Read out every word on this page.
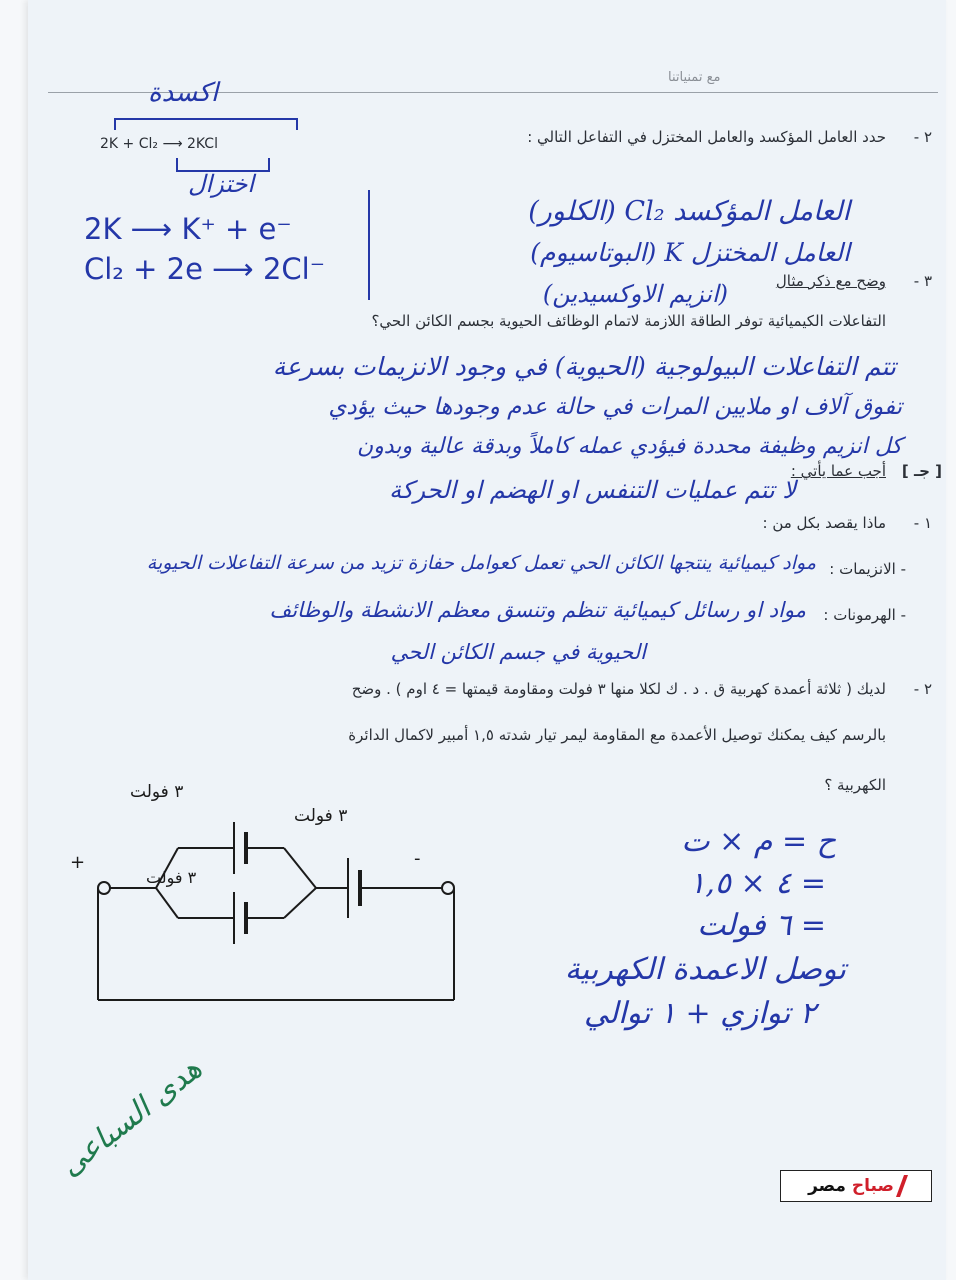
مع تمنياتنا
٢ -
حدد العامل المؤكسد والعامل المختزل في التفاعل التالي :
اكسدة
2K + Cl₂ ⟶ 2KCl
اختزال
العامل المؤكسد Cl₂ (الكلور)
العامل المختزل K (البوتاسيوم)
2K ⟶ K⁺ + e⁻
Cl₂ + 2e ⟶ 2Cl⁻	٣ -
وضح مع ذكر مثال
(انزيم الاوكسيدين)
التفاعلات الكيميائية توفر الطاقة اللازمة لاتمام الوظائف الحيوية بجسم الكائن الحي؟
تتم التفاعلات البيولوجية (الحيوية) في وجود الانزيمات بسرعة
تفوق آلاف او ملايين المرات في حالة عدم وجودها حيث يؤدي
كل انزيم وظيفة محددة فيؤدي عمله كاملاً وبدقة عالية وبدون
لا تتم عمليات التنفس او الهضم او الحركة
[ جـ ]
أجب عما يأتي :
١ -
ماذا يقصد بكل من :
- الانزيمات :
مواد كيميائية ينتجها الكائن الحي تعمل كعوامل حفازة تزيد من سرعة التفاعلات الحيوية
- الهرمونات :
مواد او رسائل كيميائية تنظم وتنسق معظم الانشطة والوظائف
الحيوية في جسم الكائن الحي
٢ -
لديك ( ثلاثة أعمدة كهربية ق . د . ك لكلا منها ٣ فولت ومقاومة قيمتها = ٤ اوم ) . وضح
بالرسم كيف يمكنك توصيل الأعمدة مع المقاومة ليمر تيار شدته ١,٥ أمبير لاكمال الدائرة
الكهربية ؟
٣ فولت
٣ فولت
٣ فولت
+	-	ح = م × ت
= ٤ × ١,٥
= ٦ فولت
توصل الاعمدة الكهربية
٢ توازي + ١ توالي
هدى السباعى
مصر صباح
